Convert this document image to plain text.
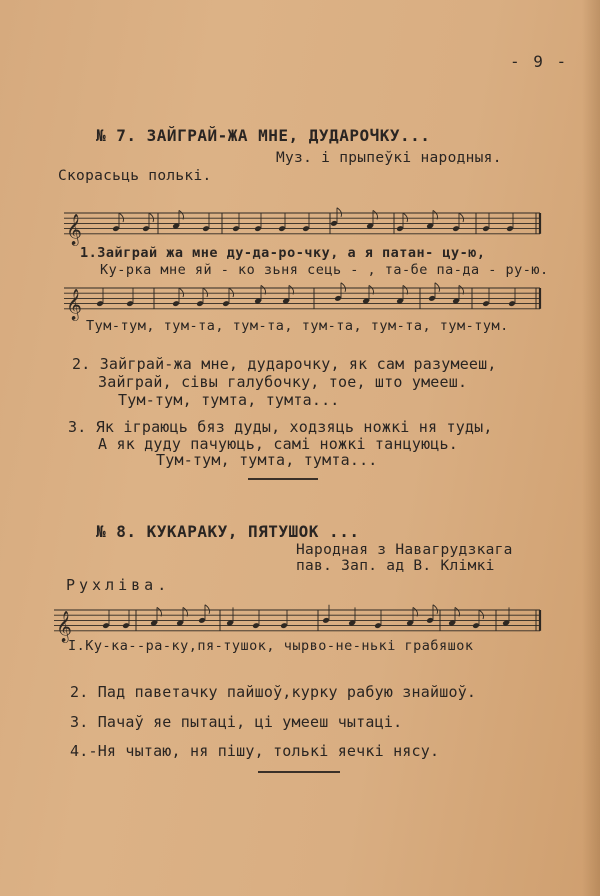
- 9 -
№ 7. ЗАЙГРАЙ-ЖА МНЕ, ДУДАРОЧКУ...
Муз. і прыпеўкі народныя.
Скорасьць полькі.
𝄞
𝄞
𝄞
1.Зайграй жа мне ду-да-ро-чку, а я патан- цу-ю,
Ку-рка мне яй - ко зьня сець - , та-бе па-да - ру-ю.
Тум-тум, тум-та, тум-та, тум-та, тум-та, тум-тум.
2. Зайграй-жа мне, дударочку, як сам разумееш,
Зайграй, сівы галубочку, тое, што умееш.
Тум-тум, тумта, тумта...
3. Як іграюць бяз дуды, ходзяць ножкі ня туды,
А як дуду пачуюць, самі ножкі танцуюць.
Тум-тум, тумта, тумта...
№ 8. КУКАРАКУ, ПЯТУШОК ...
Народная з Навагрудзкага
пав. Зап. ад В. Клімкі
Рухліва.
I.Ку-ка--ра-ку,пя-тушок, чырво-не-нькі грабяшок
2. Пад паветачку пайшоў,курку рабую знайшоў.
3. Пачаў яе пытаці, ці умееш чытаці.
4.-Ня чытаю, ня пішу, толькі яечкі нясу.
